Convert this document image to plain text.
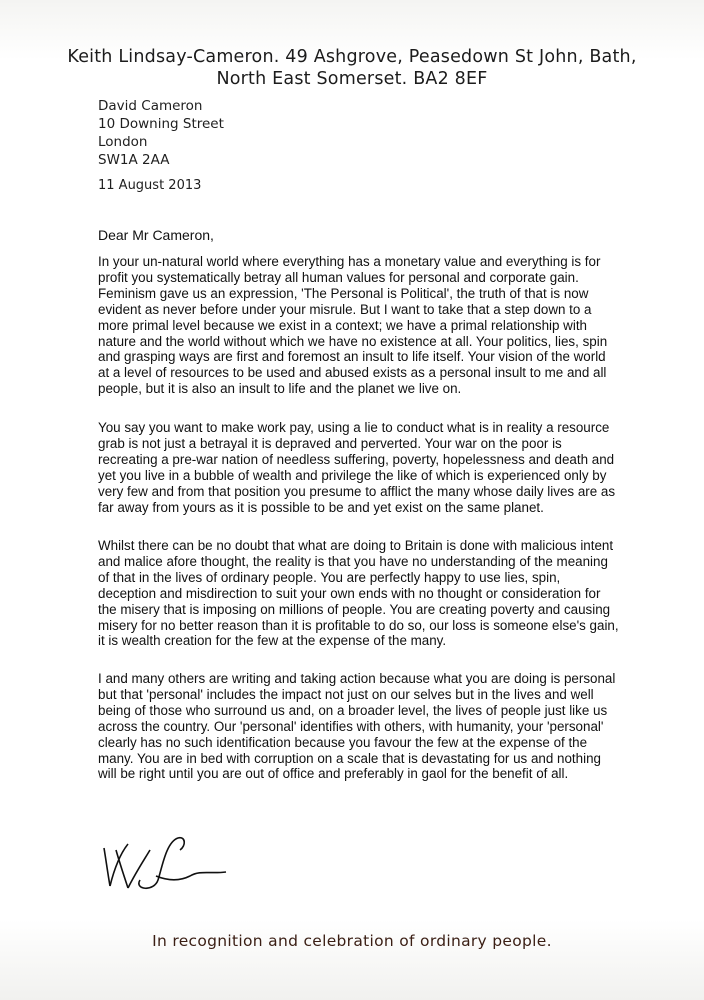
Keith Lindsay-Cameron. 49 Ashgrove, Peasedown St John, Bath,
North East Somerset. BA2 8EF
David Cameron
10 Downing Street
London
SW1A 2AA
11 August 2013
Dear Mr Cameron,

In your un-natural world where everything has a monetary value and everything is for profit you systematically betray all human values for personal and corporate gain. Feminism gave us an expression, 'The Personal is Political', the truth of that is now evident as never before under your misrule. But I want to take that a step down to a more primal level because we exist in a context; we have a primal relationship with nature and the world without which we have no existence at all. Your politics, lies, spin and grasping ways are first and foremost an insult to life itself. Your vision of the world at a level of resources to be used and abused exists as a personal insult to me and all people, but it is also an insult to life and the planet we live on.

You say you want to make work pay, using a lie to conduct what is in reality a resource grab is not just a betrayal it is depraved and perverted. Your war on the poor is recreating a pre-war nation of needless suffering, poverty, hopelessness and death and yet you live in a bubble of wealth and privilege the like of which is experienced only by very few and from that position you presume to afflict the many whose daily lives are as far away from yours as it is possible to be and yet exist on the same planet.

Whilst there can be no doubt that what are doing to Britain is done with malicious intent and malice afore thought, the reality is that you have no understanding of the meaning of that in the lives of ordinary people. You are perfectly happy to use lies, spin, deception and misdirection to suit your own ends with no thought or consideration for the misery that is imposing on millions of people. You are creating poverty and causing misery for no better reason than it is profitable to do so, our loss is someone else's gain, it is wealth creation for the few at the expense of the many.

I and many others are writing and taking action because what you are doing is personal but that 'personal' includes the impact not just on our selves but in the lives and well being of those who surround us and, on a broader level, the lives of people just like us across the country. Our 'personal' identifies with others, with humanity, your 'personal' clearly has no such identification because you favour the few at the expense of the many. You are in bed with corruption on a scale that is devastating for us and nothing will be right until you are out of office and preferably in gaol for the benefit of all.

In recognition and celebration of ordinary people.
